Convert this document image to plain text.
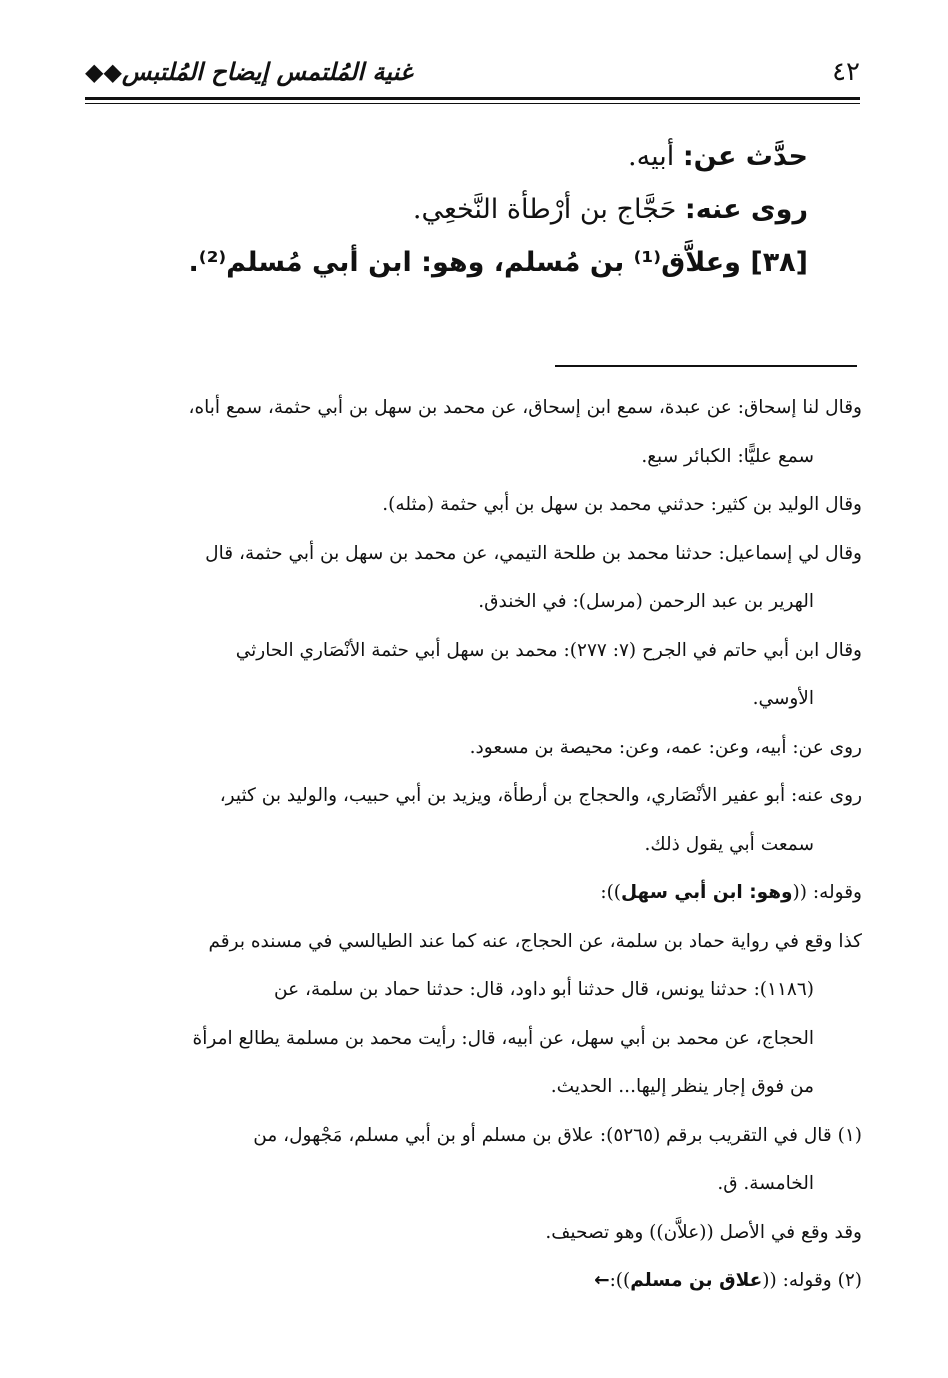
٤٢
غنية المُلتمس إيضاح المُلتبس◆◆

حدَّث عن: أبيه.

روى عنه: حَجَّاج بن أرْطأة النَّخعِي.

[٣٨] وعلاَّق⁽¹⁾ بن مُسلم، وهو: ابن أبي مُسلم⁽²⁾.

وقال لنا إسحاق: عن عبدة، سمع ابن إسحاق، عن محمد بن سهل بن أبي حثمة، سمع أباه،

سمع عليًّا: الكبائر سبع.

وقال الوليد بن كثير: حدثني محمد بن سهل بن أبي حثمة (مثله).

وقال لي إسماعيل: حدثنا محمد بن طلحة التيمي، عن محمد بن سهل بن أبي حثمة، قال

الهرير بن عبد الرحمن (مرسل): في الخندق.

وقال ابن أبي حاتم في الجرح (٧: ٢٧٧): محمد بن سهل أبي حثمة الأنْصَاري الحارثي

الأوسي.

روى عن: أبيه، وعن: عمه، وعن: محيصة بن مسعود.

روى عنه: أبو عفير الأنْصَاري، والحجاج بن أرطأة، ويزيد بن أبي حبيب، والوليد بن كثير،

سمعت أبي يقول ذلك.

وقوله: ((وهو: ابن أبي سهل)):

كذا وقع في رواية حماد بن سلمة، عن الحجاج، عنه كما عند الطيالسي في مسنده برقم

(١١٨٦): حدثنا يونس، قال حدثنا أبو داود، قال: حدثنا حماد بن سلمة، عن

الحجاج، عن محمد بن أبي سهل، عن أبيه، قال: رأيت محمد بن مسلمة يطالع امرأة

من فوق إجار ينظر إليها... الحديث.

(١) قال في التقريب برقم (٥٢٦٥): علاق بن مسلم أو بن أبي مسلم، مَجْهول، من

الخامسة. ق.

وقد وقع في الأصل ((علاَّن)) وهو تصحيف.

(٢) وقوله: ((علاق بن مسلم)):←
